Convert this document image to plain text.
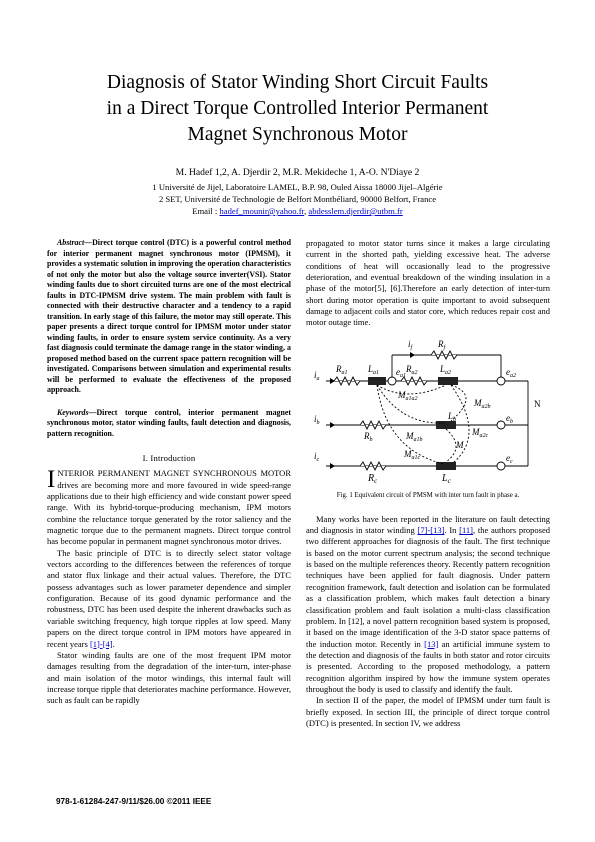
Diagnosis of Stator Winding Short Circuit Faults
in a Direct Torque Controlled Interior Permanent
Magnet Synchronous Motor
M. Hadef 1,2, A. Djerdir 2, M.R. Mekideche 1, A-O. N'Diaye 2
1 Université de Jijel, Laboratoire LAMEL, B.P. 98, Ouled Aissa 18000 Jijel–Algérie
2 SET, Université de Technologie de Belfort Montbéliard, 90000 Belfort, France
Email : hadef_mounir@yahoo.fr, abdesslem.djerdir@utbm.fr

Abstract—Direct torque control (DTC) is a powerful control method for interior permanent magnet synchronous motor (IPMSM), it provides a systematic solution in improving the operation characteristics of not only the motor but also the voltage source inverter(VSI). Stator winding faults due to short circuited turns are one of the most electrical faults in DTC-IPMSM drive system. The main problem with fault is connected with their destructive character and a tendency to a rapid transition. In early stage of this failure, the motor may still operate. This paper presents a direct torque control for IPMSM motor under stator winding faults, in order to ensure system service continuity. As a very fast diagnosis could terminate the damage range in the stator winding, a proposed method based on the current space pattern recognition will be investigated. Comparisons between simulation and experimental results will be performed to evaluate the effectiveness of the proposed approach.

Keywords—Direct torque control, interior permanent magnet synchronous motor, stator winding faults, fault detection and diagnosis, pattern recognition.

I. Introduction

INTERIOR PERMANENT MAGNET SYNCHRONOUS MOTOR drives are becoming more and more favoured in wide speed-range applications due to their high efficiency and wide constant power speed range. With its hybrid-torque-producing mechanism, IPM motors combine the reluctance torque generated by the rotor saliency and the magnetic torque due to the permanent magnets. Direct torque control has become popular in permanent magnet synchronous motor drives.

The basic principle of DTC is to directly select stator voltage vectors according to the differences between the references of torque and stator flux linkage and their actual values. Therefore, the DTC possess advantages such as lower parameter dependence and simpler configuration. Because of its good dynamic performance and the robustness, DTC has been used despite the inherent drawbacks such as variable switching frequency, high torque ripples at low speed. Many papers on the direct torque control in IPM motors have appeared in recent years [1]-[4].

Stator winding faults are one of the most frequent IPM motor damages resulting from the degradation of the inter-turn, inter-phase and main isolation of the motor windings, this internal fault will increase torque ripple that deteriorates machine performance. However, such as fault can be rapidly

propagated to motor stator turns since it makes a large circulating current in the shorted path, yielding excessive heat. The adverse conditions of heat will occasionally lead to the progressive deterioration, and eventual breakdown of the winding insulation in a phase of the motor[5], [6].Therefore an early detection of inter-turn short during motor operation is quite important to avoid subsequent damage to adjacent coils and stator core, which reduces repair cost and motor outage time.

$i_f$	$R_f$
$i_a$
$R_{a1}$ $L_{a1}$ $e_{a1}$
$R_{a2}$	$L_{a2}$	$e_{a2}$
$M_{a1a2}$	$M_{a2b}$
$i_b$
$L_b$	$e_b$
$R_b$	$M_{a1b}$
$M_{a2c}$
M
N
$i_c$
$M_{a1c}$	$e_c$
$R_c$	$L_c$
Fig. 1 Equivalent circuit of PMSM with inter turn fault in phase a.

Many works have been reported in the literature on fault detecting and diagnosis in stator winding [7]-[13]. In [11], the authors proposed two different approaches for diagnosis of the fault. The first technique is based on the motor current spectrum analysis; the second technique is based on the multiple references theory. Recently pattern recognition techniques have been applied for fault diagnosis. Under pattern recognition framework, fault detection and isolation can be formulated as a classification problem, which makes fault detection a binary classification problem and fault isolation a multi-class classification problem. In [12], a novel pattern recognition based system is proposed, it based on the image identification of the 3-D stator space patterns of the induction motor. Recently in [13] an artificial immune system to the detection and diagnosis of the faults in both stator and rotor circuits is presented. According to the proposed methodology, a pattern recognition algorithm inspired by how the immune system operates throughout the body is used to classify and identify the fault.

In section II of the paper, the model of IPMSM under turn fault is briefly exposed. In section III, the principle of direct torque control (DTC) is presented. In section IV, we address

978-1-61284-247-9/11/$26.00 ©2011 IEEE
